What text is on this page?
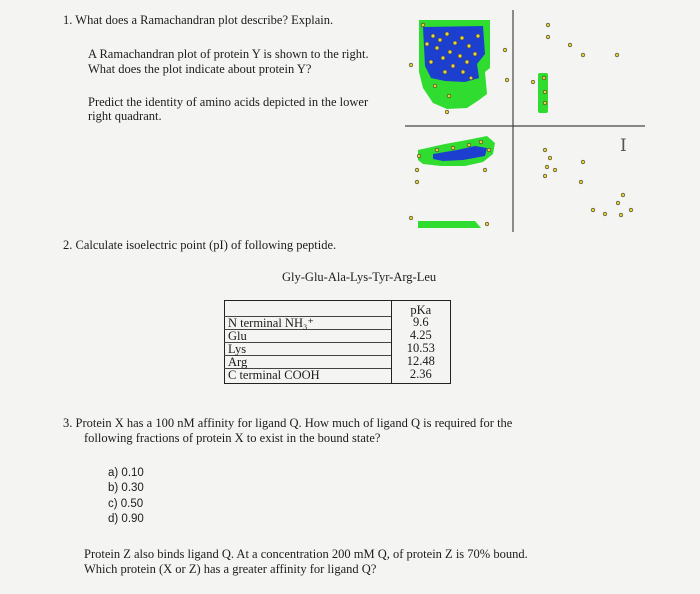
1. What does a Ramachandran plot describe? Explain.
A Ramachandran plot of protein Y is shown to the right.
What does the plot indicate about protein Y?
Predict the identity of amino acids depicted in the lower
right quadrant.
I
2. Calculate isoelectric point (pI) of following peptide.
Gly-Glu-Ala-Lys-Tyr-Arg-Leu
	pKa
N terminal NH₃⁺	9.6
Glu	4.25
Lys	10.53
Arg	12.48
C terminal COOH	2.36
3. Protein X has a 100 nM affinity for ligand Q. How much of ligand Q is required for the
following fractions of protein X to exist in the bound state?
a) 0.10
b) 0.30
c) 0.50
d) 0.90
Protein Z also binds ligand Q. At a concentration 200 mM Q, of protein Z is 70% bound.
Which protein (X or Z) has a greater affinity for ligand Q?
